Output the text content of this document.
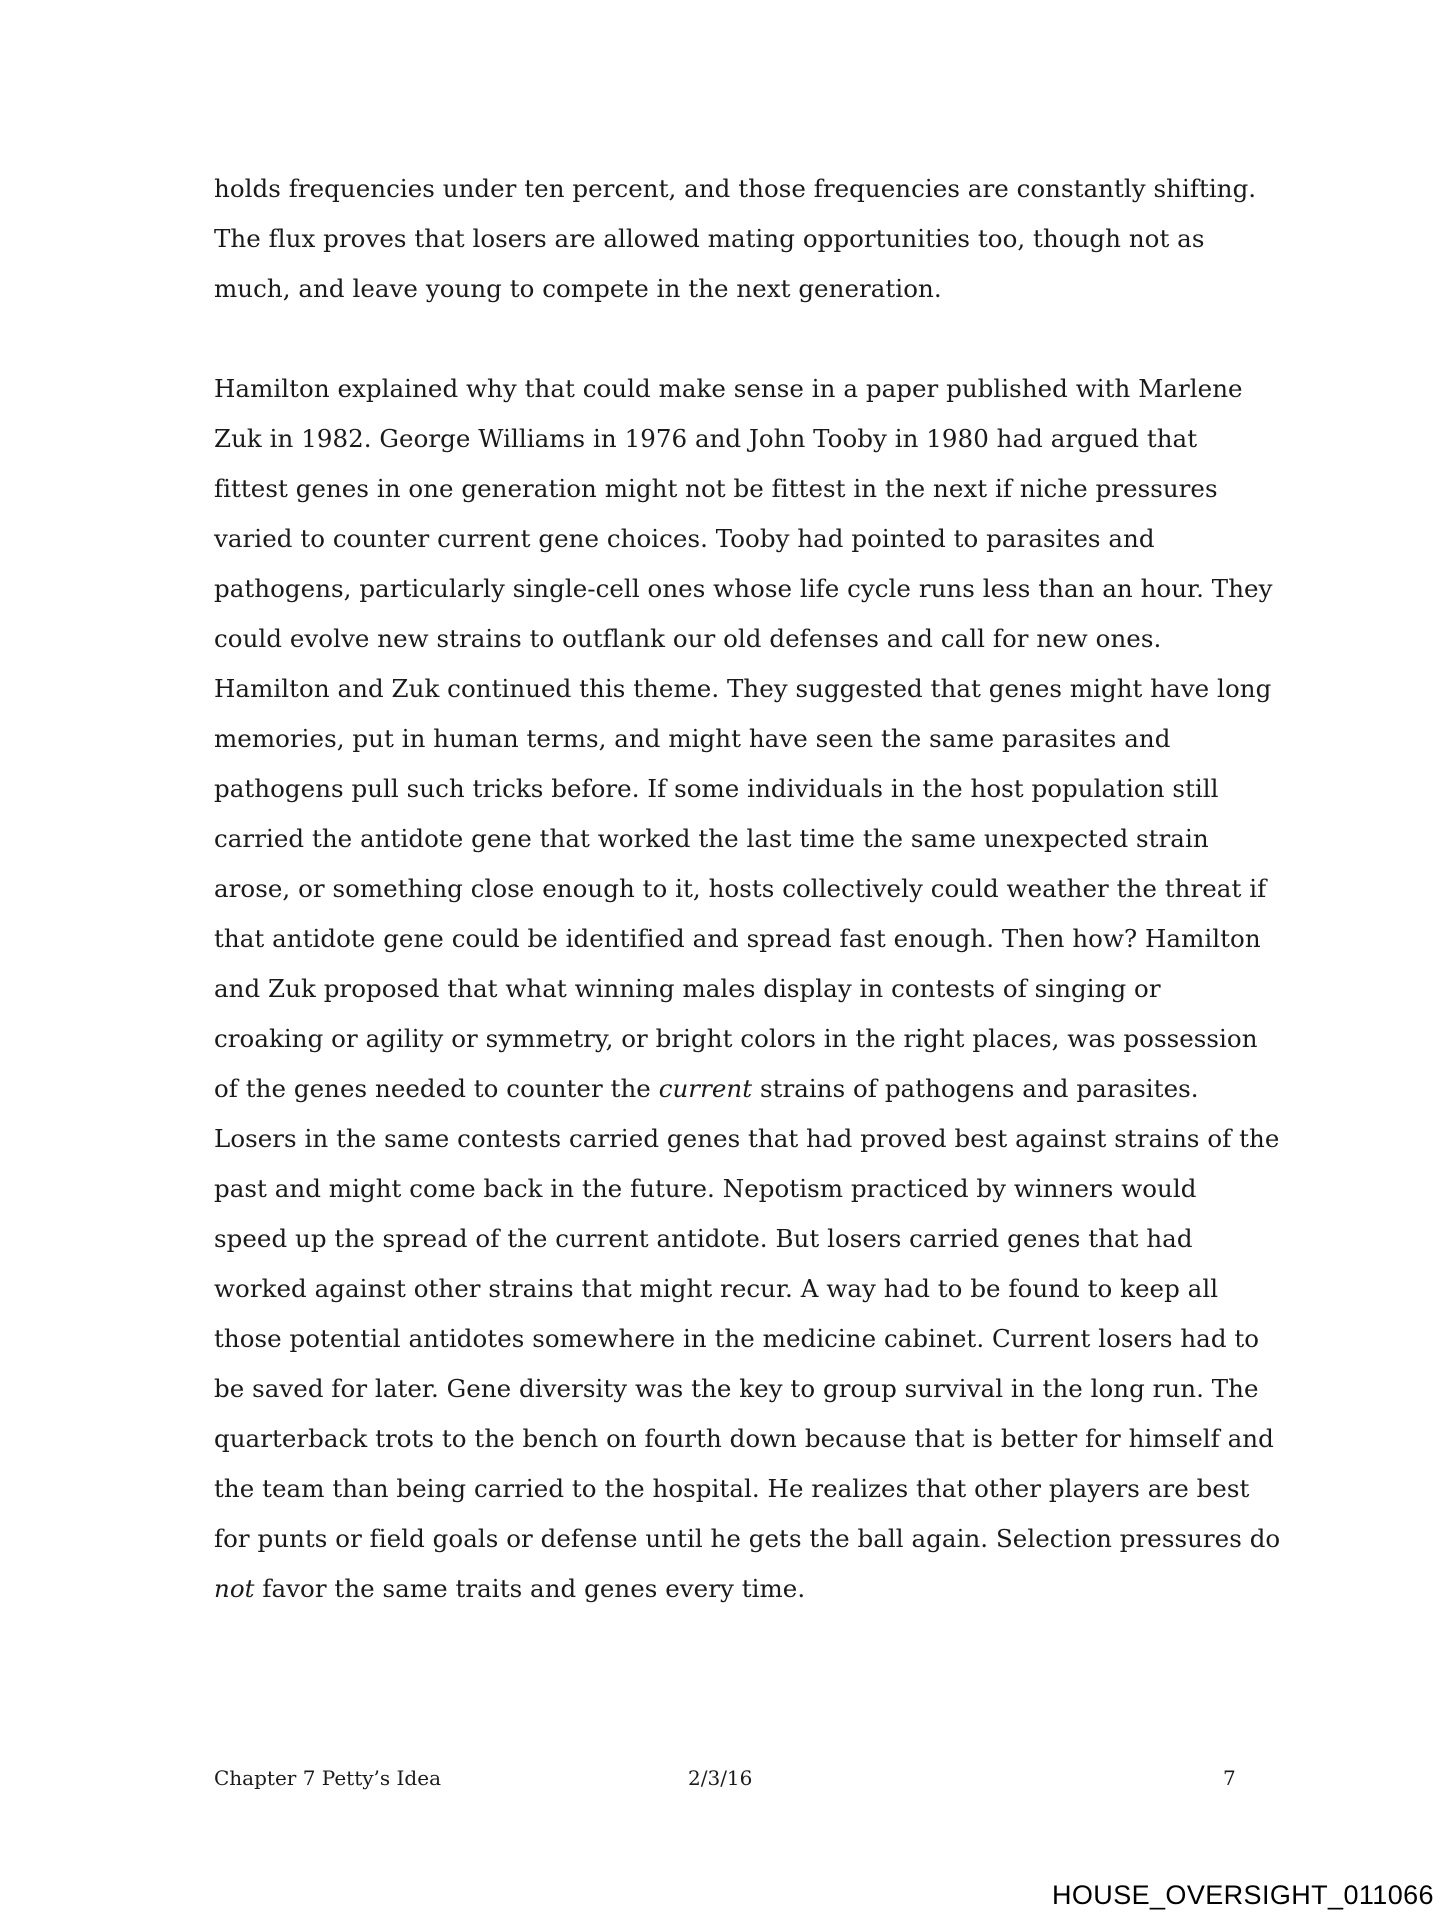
holds frequencies under ten percent, and those frequencies are constantly shifting.
The flux proves that losers are allowed mating opportunities too, though not as
much, and leave young to compete in the next generation.
Hamilton explained why that could make sense in a paper published with Marlene
Zuk in 1982. George Williams in 1976 and John Tooby in 1980 had argued that
fittest genes in one generation might not be fittest in the next if niche pressures
varied to counter current gene choices. Tooby had pointed to parasites and
pathogens, particularly single-cell ones whose life cycle runs less than an hour. They
could evolve new strains to outflank our old defenses and call for new ones.
Hamilton and Zuk continued this theme. They suggested that genes might have long
memories, put in human terms, and might have seen the same parasites and
pathogens pull such tricks before. If some individuals in the host population still
carried the antidote gene that worked the last time the same unexpected strain
arose, or something close enough to it, hosts collectively could weather the threat if
that antidote gene could be identified and spread fast enough. Then how? Hamilton
and Zuk proposed that what winning males display in contests of singing or
croaking or agility or symmetry, or bright colors in the right places, was possession
of the genes needed to counter the current strains of pathogens and parasites.
Losers in the same contests carried genes that had proved best against strains of the
past and might come back in the future. Nepotism practiced by winners would
speed up the spread of the current antidote. But losers carried genes that had
worked against other strains that might recur. A way had to be found to keep all
those potential antidotes somewhere in the medicine cabinet. Current losers had to
be saved for later. Gene diversity was the key to group survival in the long run. The
quarterback trots to the bench on fourth down because that is better for himself and
the team than being carried to the hospital. He realizes that other players are best
for punts or field goals or defense until he gets the ball again. Selection pressures do
not favor the same traits and genes every time.
Chapter 7 Petty’s Idea	2/3/16	7
HOUSE_OVERSIGHT_011066
